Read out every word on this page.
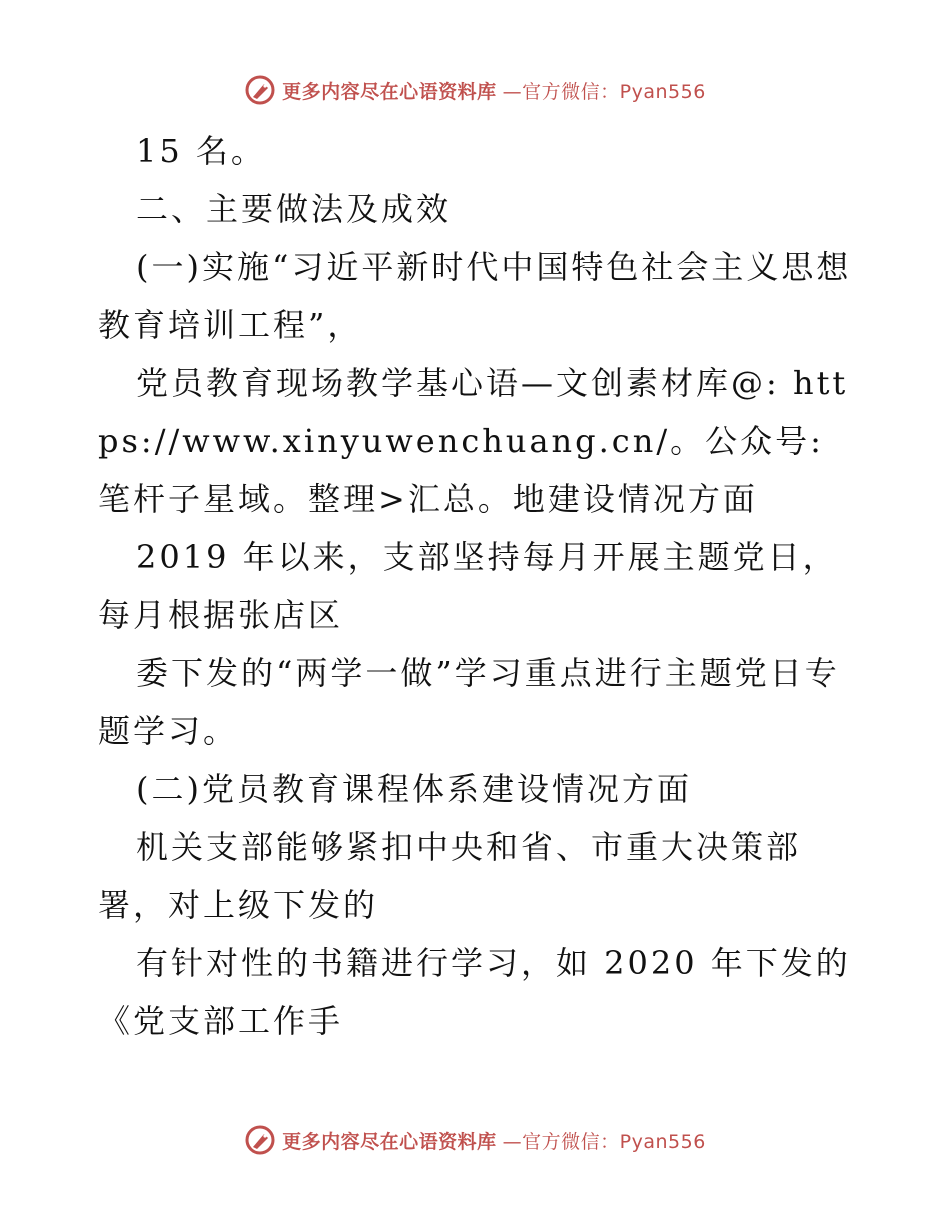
更多内容尽在心语资料库 —官方微信：Pyan556

15 名。

二、主要做法及成效

(一)实施“习近平新时代中国特色社会主义思想教育培训工程”，

党员教育现场教学基心语—文创素材库@: https://www.xinyuwenchuang.cn/。公众号: 笔杆子星域。整理>汇总。地建设情况方面

2019 年以来，支部坚持每月开展主题党日，每月根据张店区

委下发的“两学一做”学习重点进行主题党日专题学习。

(二)党员教育课程体系建设情况方面

机关支部能够紧扣中央和省、市重大决策部署，对上级下发的

有针对性的书籍进行学习，如 2020 年下发的《党支部工作手

更多内容尽在心语资料库 —官方微信：Pyan556
